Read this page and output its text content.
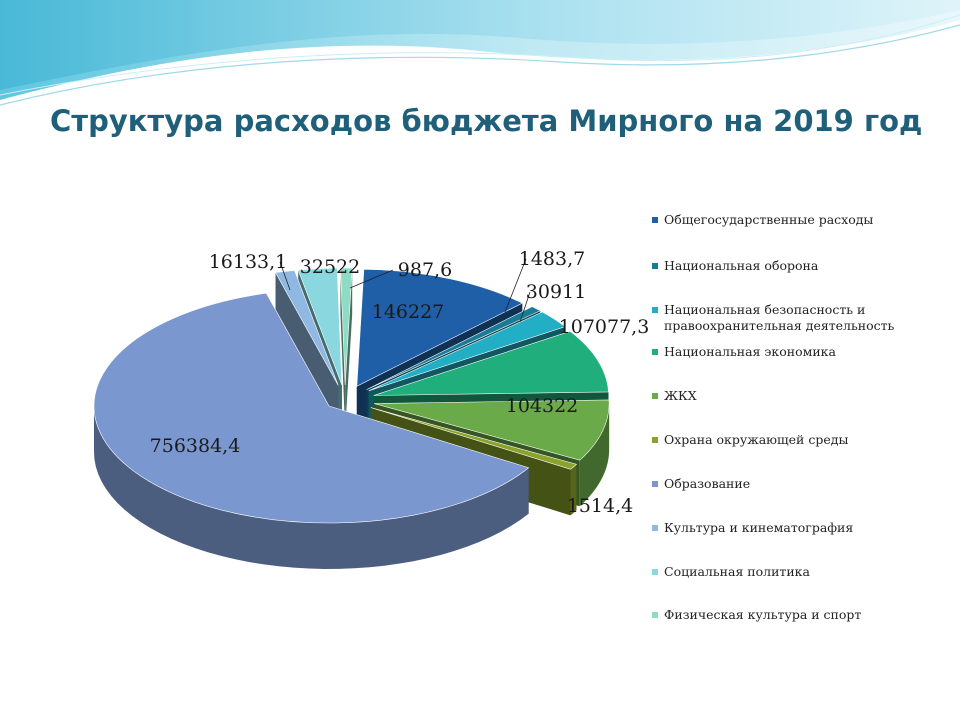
Структура расходов бюджета Мирного на 2019 год
146227
1483,7
30911
107077,3
104322
1514,4
756384,4
16133,1 32522 987,6
Общегосударственные расходы
Национальная оборона
Национальная безопасность и правоохранительная деятельность
Национальная экономика
ЖКХ
Охрана окружающей среды
Образование
Культура и кинематография
Социальная политика
Физическая культура и спорт
